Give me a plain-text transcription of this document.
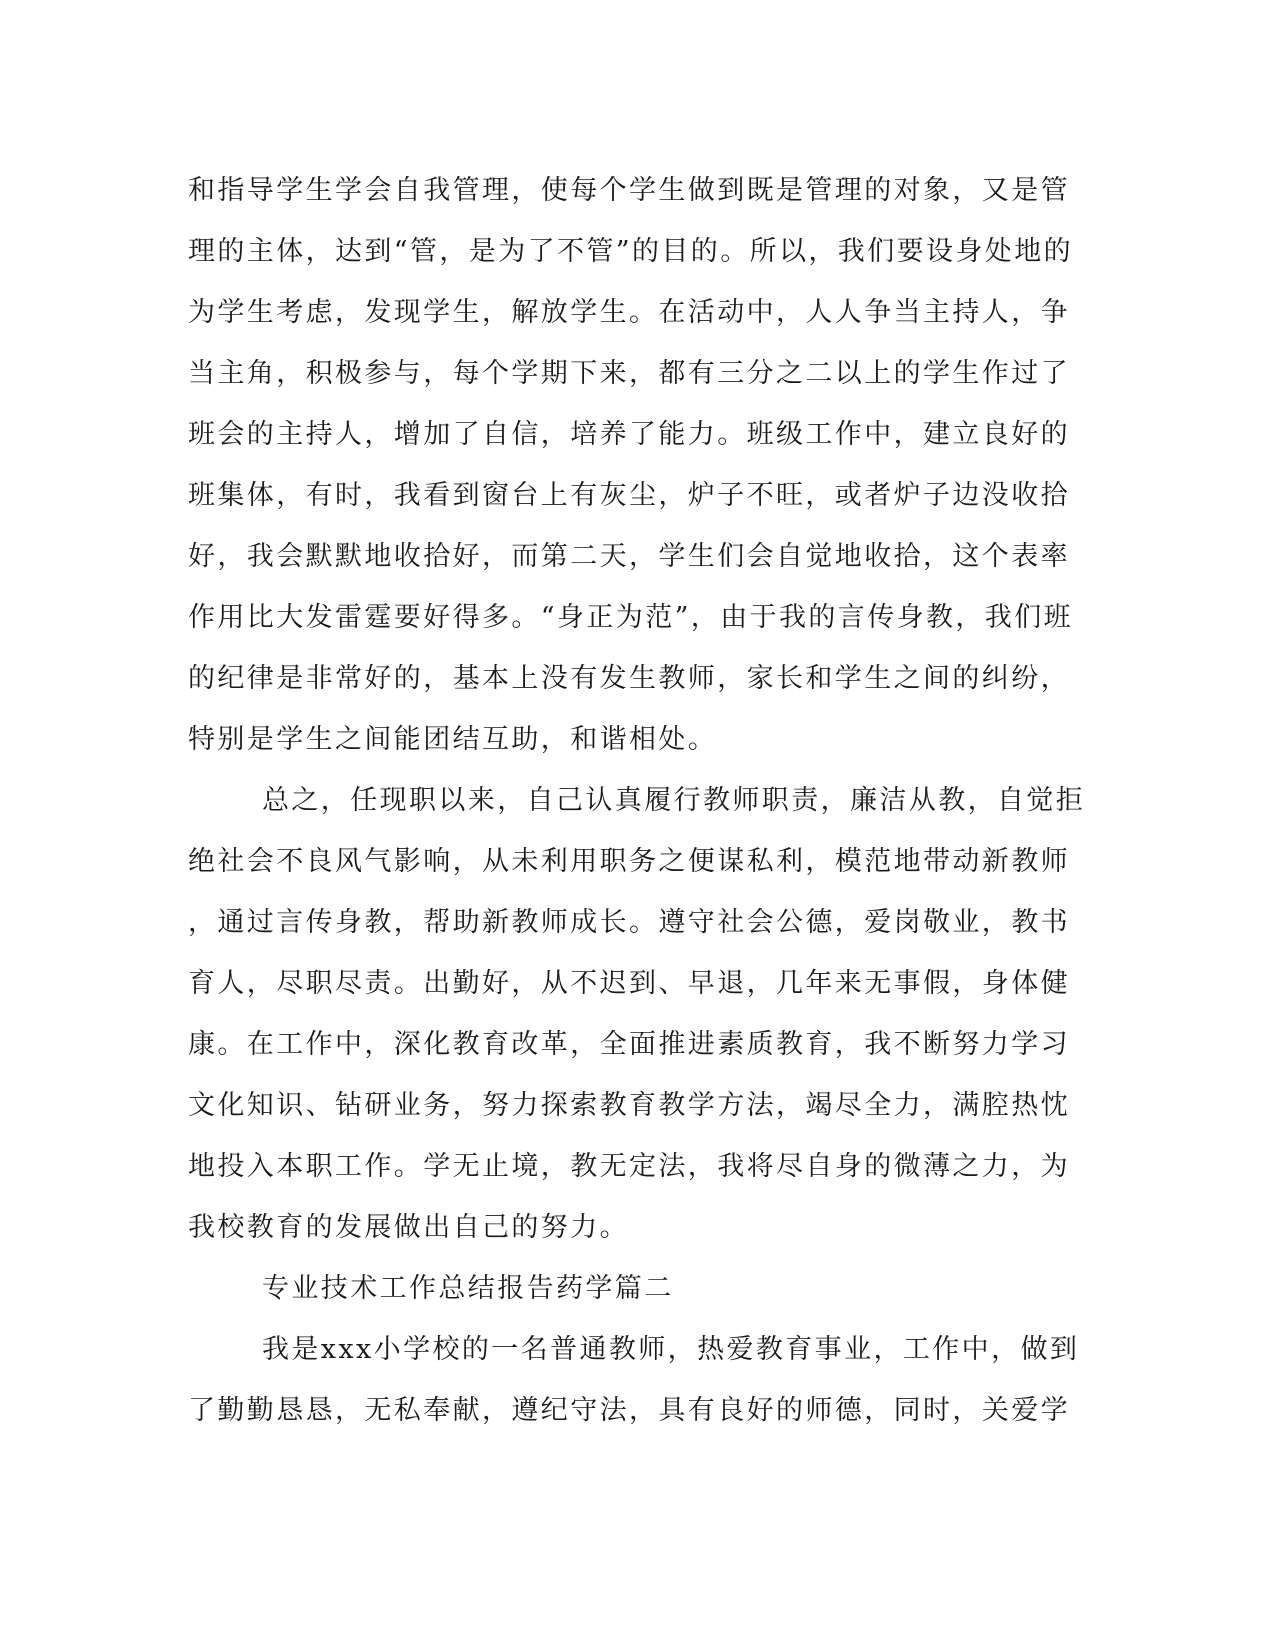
和指导学生学会自我管理，使每个学生做到既是管理的对象，又是管
理的主体，达到“管，是为了不管”的目的。所以，我们要设身处地的
为学生考虑，发现学生，解放学生。在活动中，人人争当主持人，争
当主角，积极参与，每个学期下来，都有三分之二以上的学生作过了
班会的主持人，增加了自信，培养了能力。班级工作中，建立良好的
班集体，有时，我看到窗台上有灰尘，炉子不旺，或者炉子边没收拾
好，我会默默地收拾好，而第二天，学生们会自觉地收拾，这个表率
作用比大发雷霆要好得多。“身正为范”，由于我的言传身教，我们班
的纪律是非常好的，基本上没有发生教师，家长和学生之间的纠纷，
特别是学生之间能团结互助，和谐相处。
总之，任现职以来，自己认真履行教师职责，廉洁从教，自觉拒
绝社会不良风气影响，从未利用职务之便谋私利，模范地带动新教师
，通过言传身教，帮助新教师成长。遵守社会公德，爱岗敬业，教书
育人，尽职尽责。出勤好，从不迟到、早退，几年来无事假，身体健
康。在工作中，深化教育改革，全面推进素质教育，我不断努力学习
文化知识、钻研业务，努力探索教育教学方法，竭尽全力，满腔热忱
地投入本职工作。学无止境，教无定法，我将尽自身的微薄之力，为
我校教育的发展做出自己的努力。
专业技术工作总结报告药学篇二
我是xxx小学校的一名普通教师，热爱教育事业，工作中，做到
了勤勤恳恳，无私奉献，遵纪守法，具有良好的师德，同时，关爱学
